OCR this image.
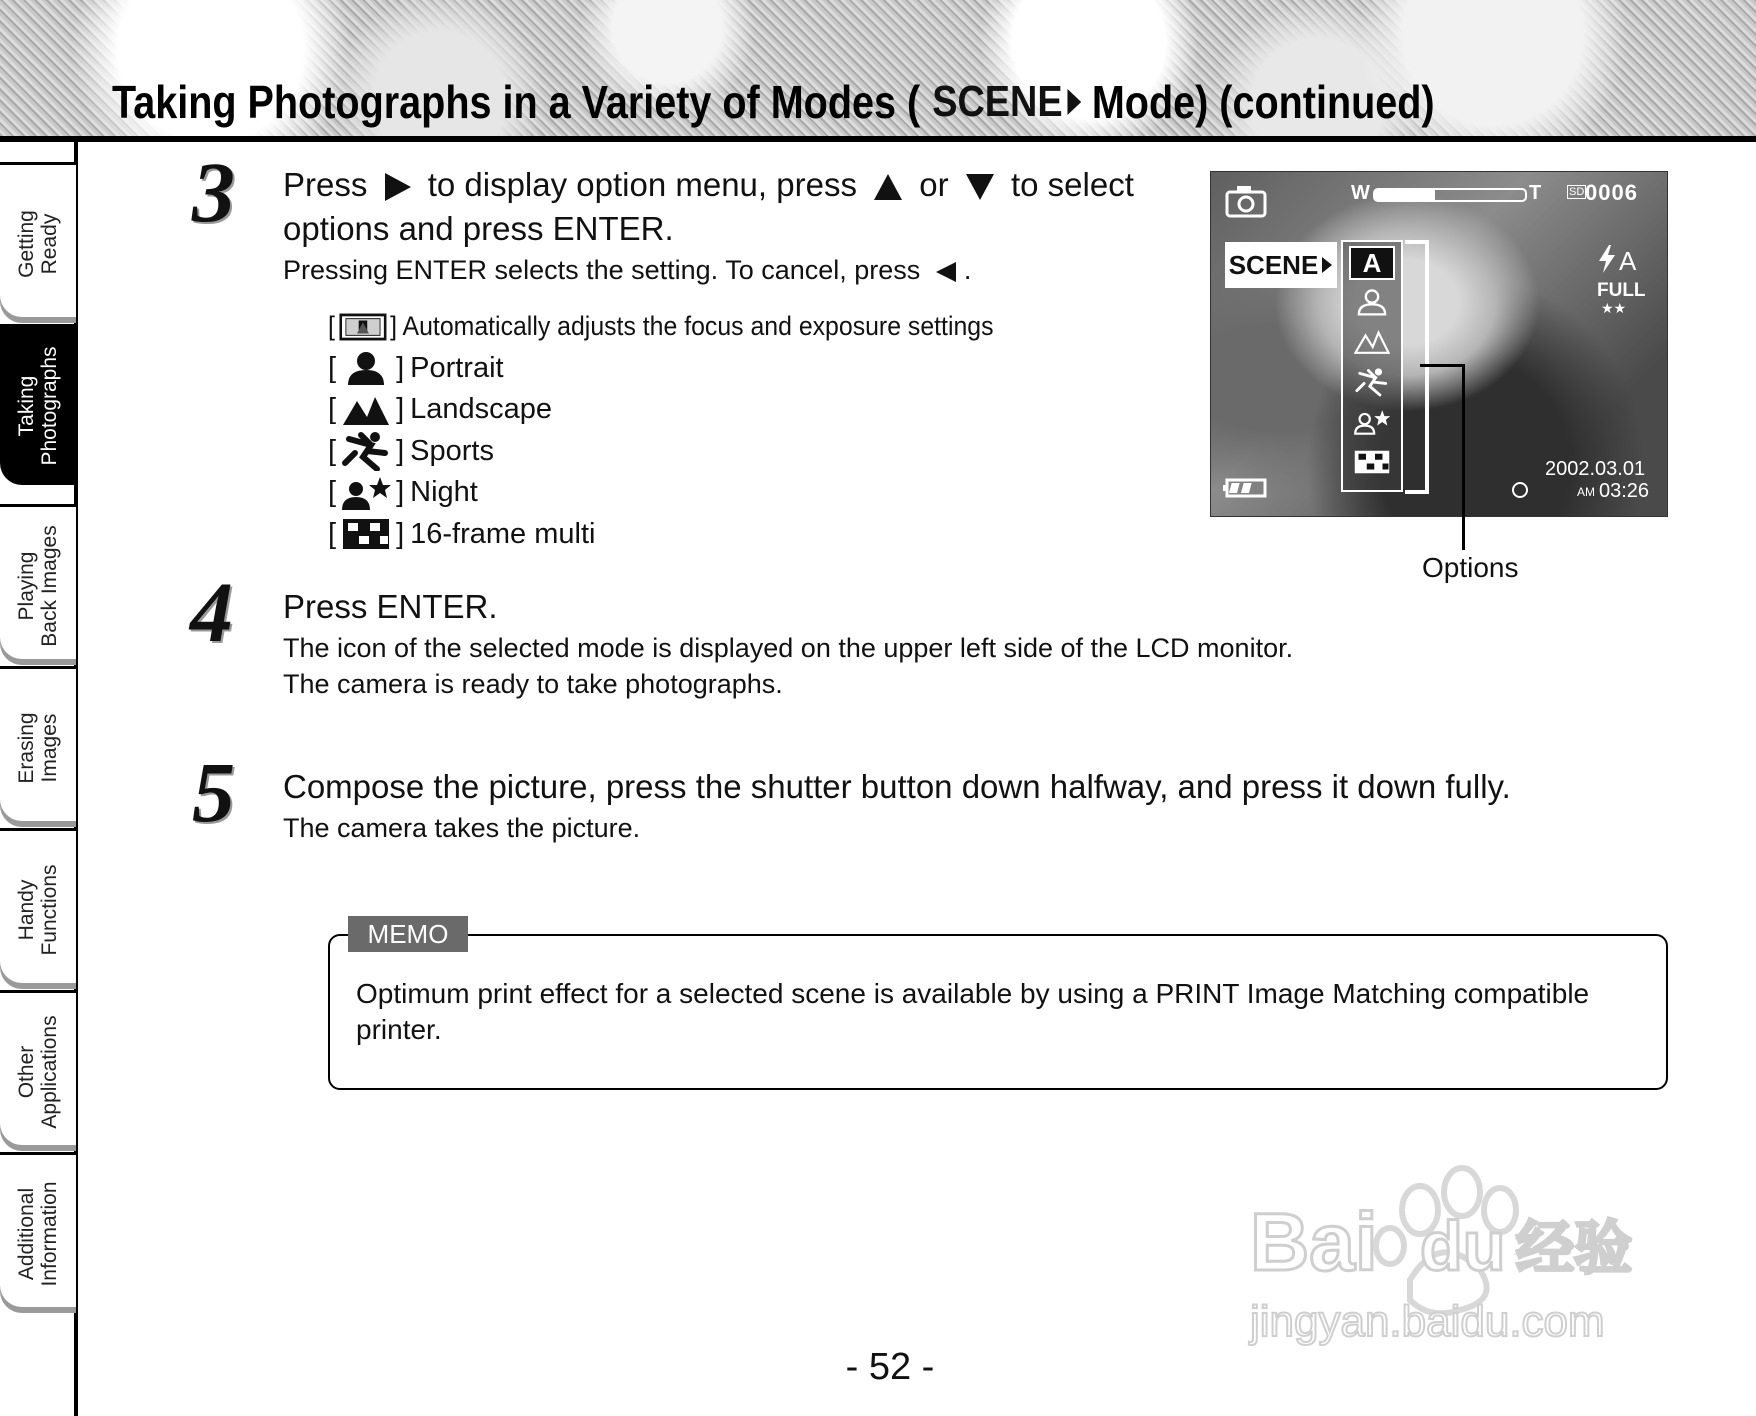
Taking Photographs in a Variety of Modes ( SCENE Mode) (continued)
Getting Ready
Taking Photographs
Playing Back Images
Erasing Images
Handy Functions
Other Applications
Additional Information
3 Press to display option menu, press or to select
options and press ENTER.
Pressing ENTER selects the setting. To cancel, press .
[ ] Automatically adjusts the focus and exposure settings
[ ] Portrait
[ ] Landscape
[ ] Sports
[ ] Night
[ ] 16-frame multi
W	T	SD 0006
SCENE	A	A
FULL
★★
2002.03.01
AM 03:26
Options
4 Press ENTER.
The icon of the selected mode is displayed on the upper left side of the LCD monitor.
The camera is ready to take photographs.
5 Compose the picture, press the shutter button down halfway, and press it down fully.
The camera takes the picture.
MEMO
Optimum print effect for a selected scene is available by using a PRINT Image Matching compatible printer.
Bai du 经验
jingyan.baidu.com
- 52 -
